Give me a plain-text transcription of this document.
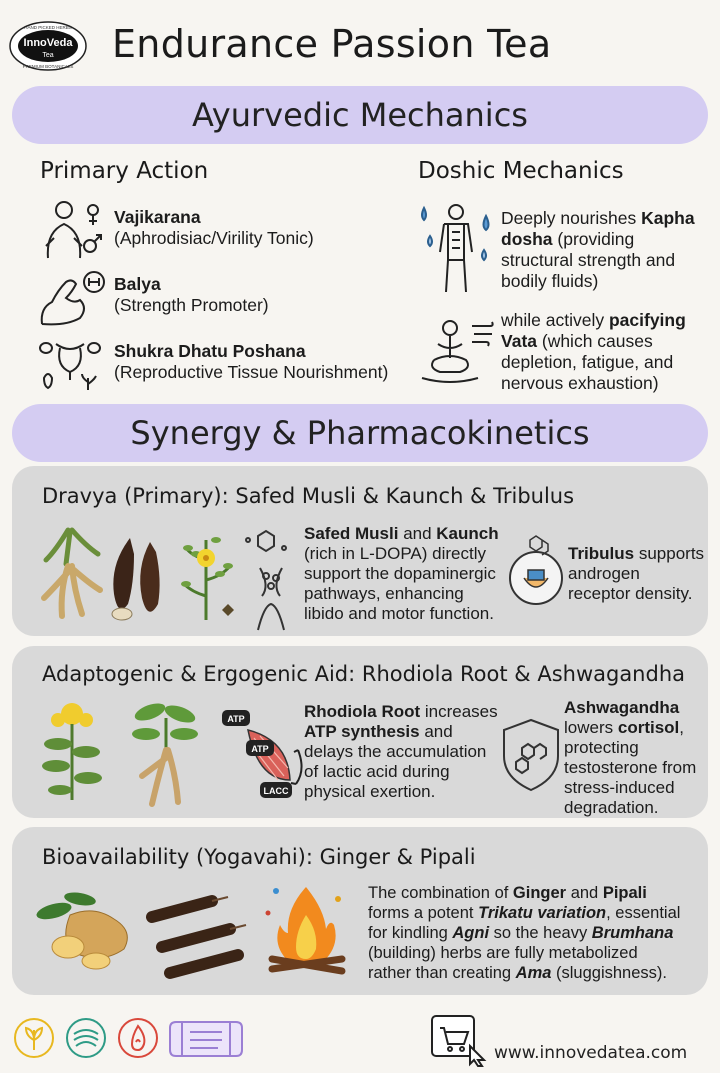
HAND PICKED HERBS
PREMIUM BOTANICALS
InnoVeda
Tea Endurance Passion Tea
Ayurvedic Mechanics
Primary Action	Doshic Mechanics
Vajikarana
(Aphrodisiac/Virility Tonic)
Balya
(Strength Promoter)
Shukra Dhatu Poshana
(Reproductive Tissue Nourishment)
Deeply nourishes Kapha
dosha (providing
structural strength and
bodily fluids)
while actively pacifying
Vata (which causes
depletion, fatigue, and
nervous exhaustion)
Synergy & Pharmacokinetics
Dravya (Primary): Safed Musli & Kaunch & Tribulus
Safed Musli and Kaunch
(rich in L-DOPA) directly
support the dopaminergic
pathways, enhancing
libido and motor function.
Tribulus supports
androgen
receptor density.
Adaptogenic & Ergogenic Aid: Rhodiola Root & Ashwagandha
ATP
ATP
LACC
Rhodiola Root increases
ATP synthesis and
delays the accumulation
of lactic acid during
physical exertion.
Ashwagandha
lowers cortisol,
protecting
testosterone from
stress-induced
degradation.
Bioavailability (Yogavahi): Ginger & Pipali
The combination of Ginger and Pipali
forms a potent Trikatu variation, essential
for kindling Agni so the heavy Brumhana
(building) herbs are fully metabolized
rather than creating Ama (sluggishness).
www.innovedatea.com
